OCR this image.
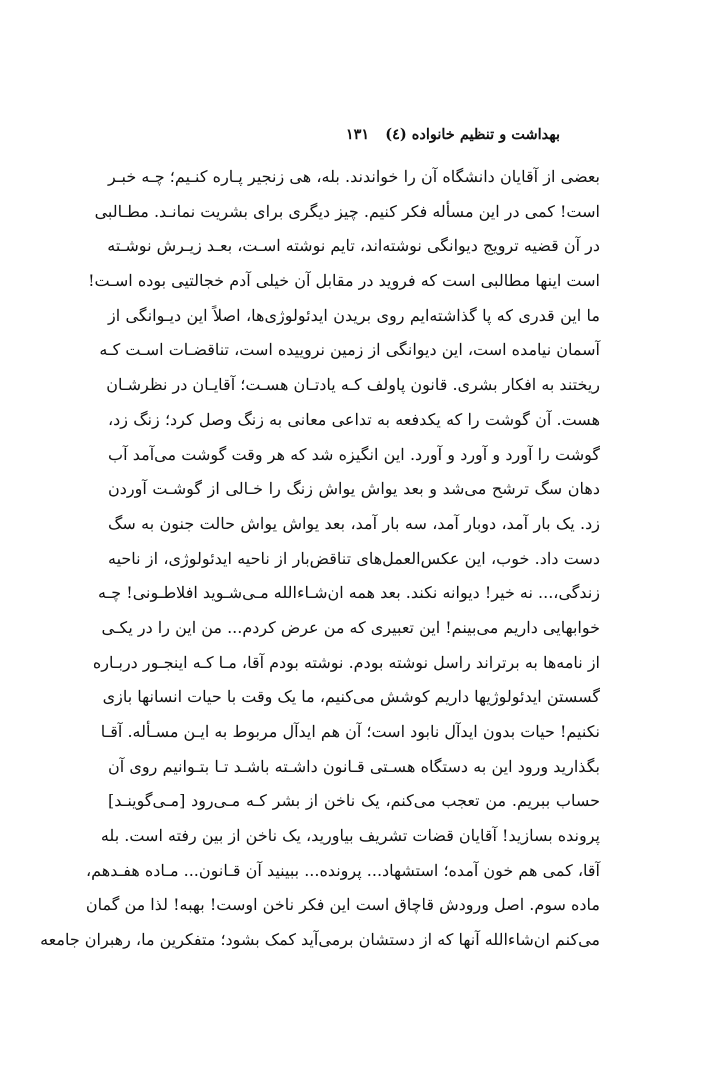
بهداشت و تنظیم خانواده (٤)
۱۳۱
بعضی از آقایان دانشگاه آن را خواندند. بله، هی زنجیر پـاره کنـیم؛ چـه خبـر
است! کمی در این مسأله فکر کنیم. چیز دیگری برای بشریت نمانـد. مطـالبی
در آن قضیه ترویج دیوانگی نوشته‌اند، تایم نوشته اسـت، بعـد زیـرش نوشـته
است اینها مطالبی است که فروید در مقابل آن خیلی آدم خجالتیی بوده اسـت!
ما این قدری که پا گذاشته‌ایم روی بریدن ایدئولوژی‌ها، اصلاً این دیـوانگی از
آسمان نیامده است، این دیوانگی از زمین نروییده است، تناقضـات اسـت کـه
ریختند به افکار بشری. قانون پاولف کـه یادتـان هسـت؛ آقایـان در نظرشـان
هست. آن گوشت را که یکدفعه به تداعی معانی به زنگ وصل کرد؛ زنگ زد،
گوشت را آورد و آورد و آورد. این انگیزه شد که هر وقت گوشت می‌آمد آب
دهان سگ ترشح می‌شد و بعد یواش یواش زنگ را خـالی از گوشـت آوردن
زد. یک بار آمد، دوبار آمد، سه بار آمد، بعد یواش یواش حالت جنون به سگ
دست داد. خوب، این عکس‌العمل‌های تناقض‌بار از ناحیه ایدئولوژی، از ناحیه
زندگی،... نه خیر! دیوانه نکند. بعد همه ان‌شـاءالله مـی‌شـوید افلاطـونی! چـه
خوابهایی داریم می‌بینم! این تعبیری که من عرض کردم... من این را در یکـی
از نامه‌ها به برتراند راسل نوشته بودم. نوشته بودم آقا، مـا کـه اینجـور دربـاره
گسستن ایدئولوژیها داریم کوشش می‌کنیم، ما یک وقت با حیات انسانها بازی
نکنیم! حیات بدون ایدآل نابود است؛ آن هم ایدآل مربوط به ایـن مسـأله. آقـا
بگذارید ورود این به دستگاه هسـتی قـانون داشـته باشـد تـا بتـوانیم روی آن
حساب ببریم. من تعجب می‌کنم، یک ناخن از بشر کـه مـی‌رود [مـی‌گوینـد]
پرونده بسازید! آقایان قضات تشریف بیاورید، یک ناخن از بین رفته است. بله
آقا، کمی هم خون آمده؛ استشهاد... پرونده... ببینید آن قـانون... مـاده هفـدهم،
ماده سوم. اصل ورودش قاچاق است این فکر ناخن اوست! بهبه! لذا من گمان
می‌کنم ان‌شاءالله آنها که از دستشان برمی‌آید کمک بشود؛ متفکرین ما، رهبران جامعه
